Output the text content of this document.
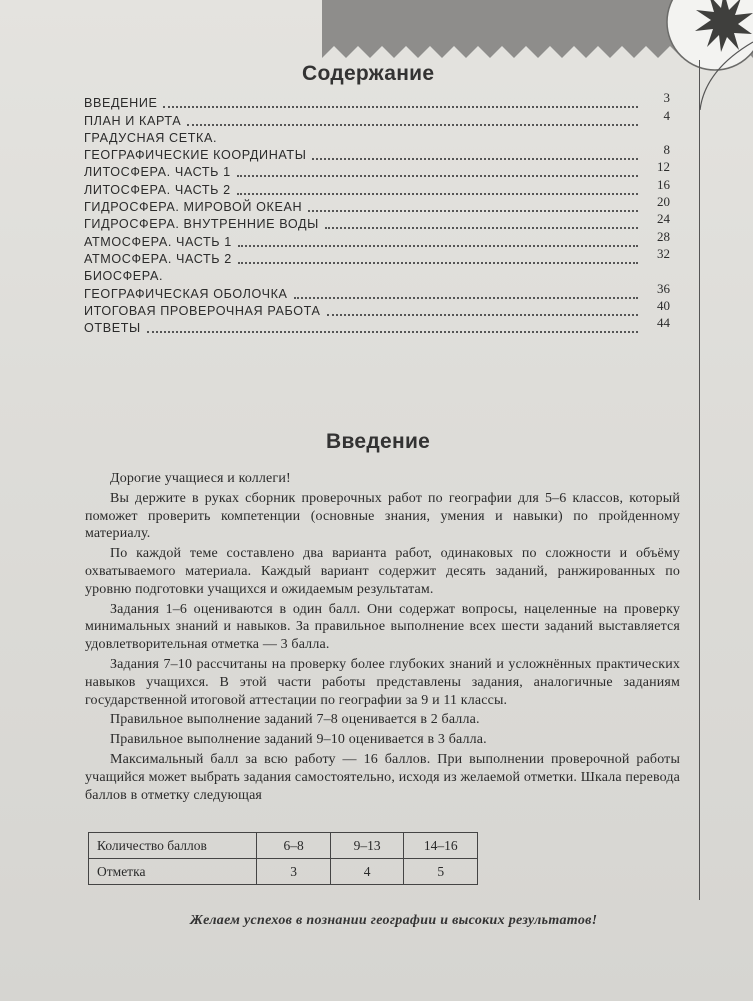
Содержание
ВВЕДЕНИЕ	3
ПЛАН И КАРТА	4
ГРАДУСНАЯ СЕТКА.
ГЕОГРАФИЧЕСКИЕ КООРДИНАТЫ	8
ЛИТОСФЕРА. ЧАСТЬ 1	12
ЛИТОСФЕРА. ЧАСТЬ 2	16
ГИДРОСФЕРА. МИРОВОЙ ОКЕАН	20
ГИДРОСФЕРА. ВНУТРЕННИЕ ВОДЫ	24
АТМОСФЕРА. ЧАСТЬ 1	28
АТМОСФЕРА. ЧАСТЬ 2	32
БИОСФЕРА.
ГЕОГРАФИЧЕСКАЯ ОБОЛОЧКА	36
ИТОГОВАЯ ПРОВЕРОЧНАЯ РАБОТА	40
ОТВЕТЫ	44
Введение

Дорогие учащиеся и коллеги!

Вы держите в руках сборник проверочных работ по географии для 5–6 классов, который поможет проверить компетенции (основные знания, умения и навыки) по пройденному материалу.

По каждой теме составлено два варианта работ, одинаковых по сложности и объёму охватываемого материала. Каждый вариант содержит десять заданий, ранжированных по уровню подготовки учащихся и ожидаемым результатам.

Задания 1–6 оцениваются в один балл. Они содержат вопросы, нацеленные на проверку минимальных знаний и навыков. За правильное выполнение всех шести заданий выставляется удовлетворительная отметка — 3 балла.

Задания 7–10 рассчитаны на проверку более глубоких знаний и усложнённых практических навыков учащихся. В этой части работы представлены задания, аналогичные заданиям государственной итоговой аттестации по географии за 9 и 11 классы.

Правильное выполнение заданий 7–8 оценивается в 2 балла.

Правильное выполнение заданий 9–10 оценивается в 3 балла.

Максимальный балл за всю работу — 16 баллов. При выполнении проверочной работы учащийся может выбрать задания самостоятельно, исходя из желаемой отметки. Шкала перевода баллов в отметку следующая

Количество баллов	6–8	9–13	14–16
Отметка	3	4	5
Желаем успехов в познании географии и высоких результатов!
